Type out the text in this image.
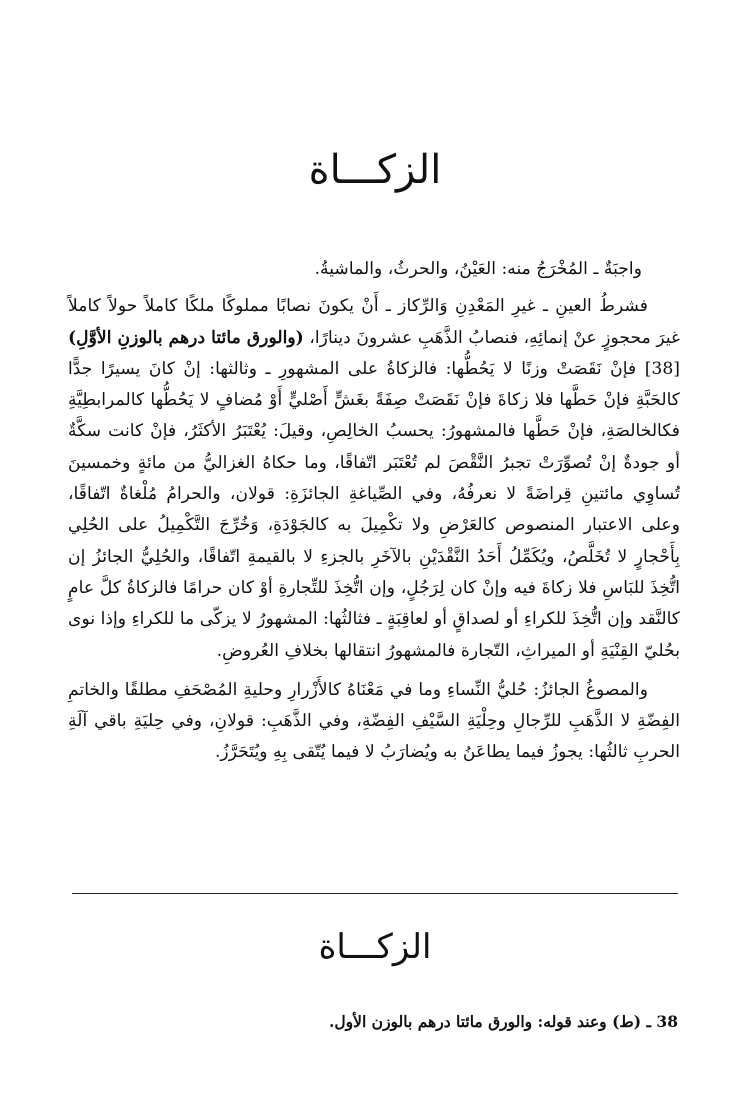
الزكـــاة

واجبَةٌ ـ المُخْرَجُ منه: العَيْنُ، والحرثُ، والماشيةُ.

فشرطُ العينِ ـ غيرِ المَعْدِنِ وَالرِّكاز ـ أَنْ يكونَ نصابًا مملوكًا ملكًا كاملاً حولاً كاملاً غيرَ محجوزٍ عنْ إنمائِهِ، فنصابُ الذَّهَبِ عشرونَ دينارًا، (والورق مائتا درهم بالوزنِ الأوَّلِ)[38] فإنْ نَقَصَتْ وزنًا لا يَحُطُّها: فالزكاةُ على المشهورِ ـ وثالثها: إنْ كانَ يسيرًا جدًّا كالحَبَّةِ فإنْ حَطَّها فلا زكاةَ فإنْ نَقَصَتْ صِفَةً بغَشٍّ أَصْليٍّ أَوْ مُضافٍ لا يَحُطُّها كالمرابطِيَّةِ فكالخالصَةِ، فإنْ حَطَّها فالمشهورُ: يحسبُ الخالِصِ، وقيلَ: يُعْتَبَرُ الأكثَرُ، فإنْ كانت سكَّةٌ أو جودةٌ إنْ تُصوِّرَتْ تجبرُ النَّقْصَ لم تُعْتَبَر اتّفاقًا، وما حكاهُ الغزاليُّ من مائةٍ وخمسينَ تُساوِي مائتينِ قِراضَةً لا نعرفُهُ، وفي الصِّياغةِ الجائزَةِ: قولان، والحرامُ مُلْغاةٌ اتّفاقًا، وعلى الاعتبار المنصوص كالعَرْضِ ولا تكْمِيلَ به كالجَوْدَةِ، وَخُرِّجَ التَّكْمِيلُ على الحُلِي بِأَحْجارٍ لا تُخَلَّصُ، ويُكَمِّلُ أَحَدُ النَّقْدَيْنِ بالآخَرِ بالجزءِ لا بالقيمةِ اتّفاقًا، والحُلِيُّ الجائزُ إن اتُّخِذَ للبَاسِ فلا زكاةَ فيه وإنْ كان لِرَجُلٍ، وإن اتُّخِذَ للتِّجارةِ أوْ كان حرامًا فالزكاةُ كلَّ عامٍ كالنَّقد وإن اتُّخِذَ للكراءِ أو لصداقٍ أو لعاقِبَةٍ ـ فثالثُها: المشهورُ لا يزكّى ما للكراءِ وإذا نوى بحُليّ القِنْيَةِ أو الميراثِ، التّجارة فالمشهورُ انتقالها بخلافِ العُروضِ.

والمصوغُ الجائزُ: حُليُّ النِّساءِ وما في مَعْنَاهُ كالأَزْرارِ وحليةِ المُصْحَفِ مطلقًا والخاتمِ الفِضّةِ لا الذَّهَبِ للرِّجالِ وحِلْيَةِ السَّيْفِ الفِضّةِ، وفي الذَّهَبِ: قولانِ، وفي حِليَةِ باقي آلَةِ الحربِ ثالثُها: يجوزُ فيما يطاعَنُ به ويُضارَبُ لا فيما يُتّقى بِهِ ويُتَحَرَّزُ.

الزكـــاة
38 ـ (ط) وعند قوله: والورق مائتا درهم بالوزن الأول.
